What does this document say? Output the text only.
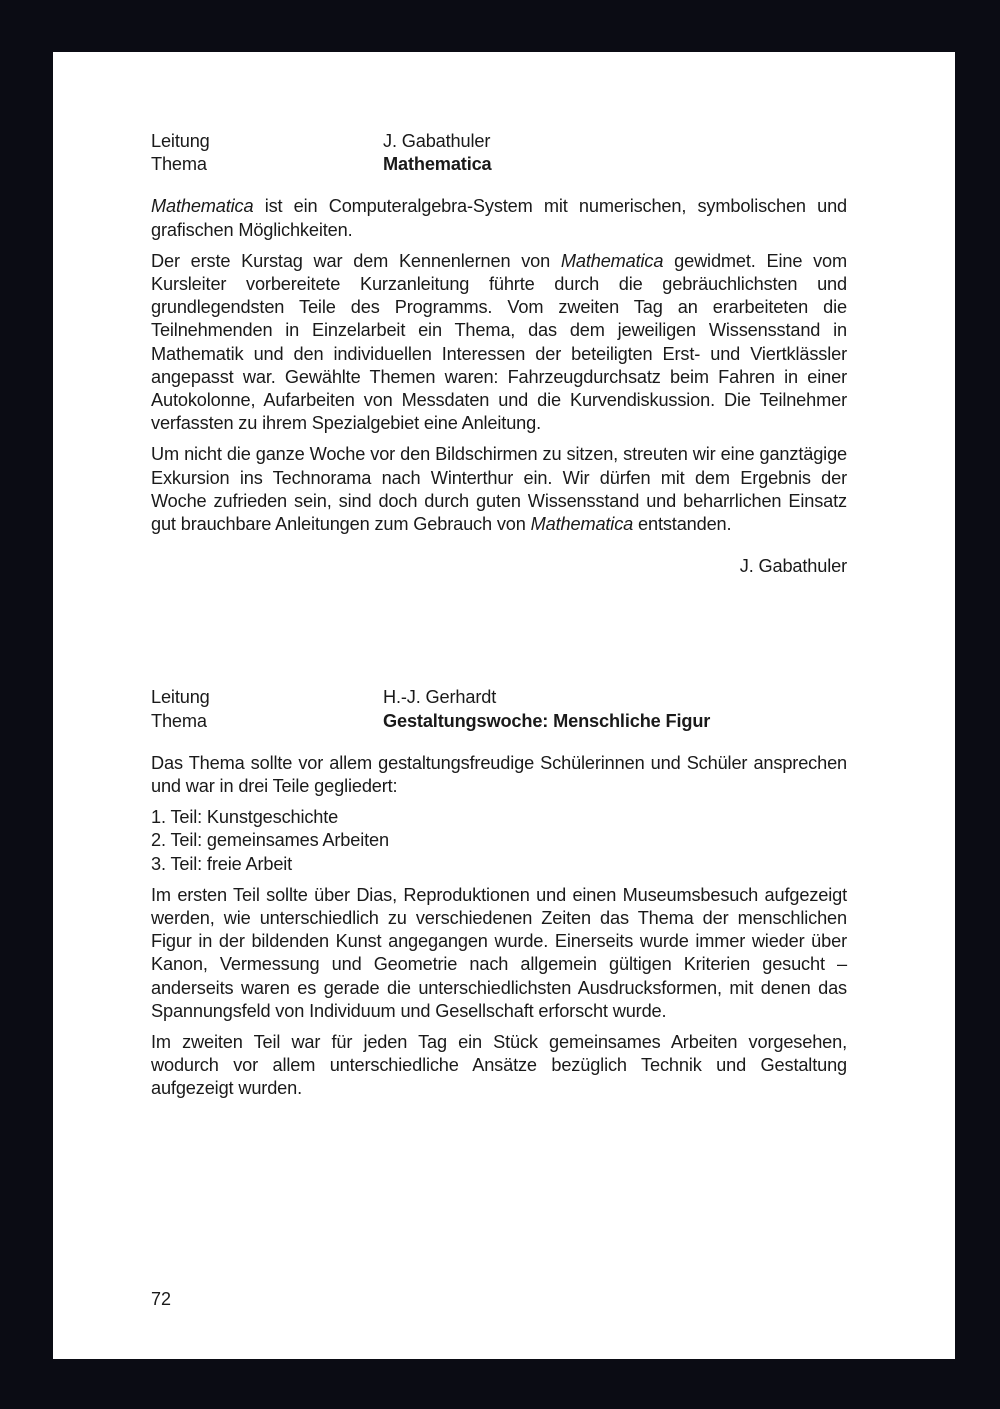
Leitung	J. Gabathuler
Thema	Mathematica

Mathematica ist ein Computeralgebra-System mit numerischen, symbolischen und grafischen Möglichkeiten.

Der erste Kurstag war dem Kennenlernen von Mathematica gewidmet. Eine vom Kursleiter vorbereitete Kurzanleitung führte durch die gebräuchlichsten und grundlegendsten Teile des Programms. Vom zweiten Tag an erarbeiteten die Teilnehmenden in Einzelarbeit ein Thema, das dem jeweiligen Wissensstand in Mathematik und den individuellen Interessen der beteiligten Erst- und Viertklässler angepasst war. Gewählte Themen waren: Fahrzeugdurchsatz beim Fahren in einer Autokolonne, Aufarbeiten von Messdaten und die Kurvendiskussion. Die Teilnehmer verfassten zu ihrem Spezialgebiet eine Anleitung.

Um nicht die ganze Woche vor den Bildschirmen zu sitzen, streuten wir eine ganztägige Exkursion ins Technorama nach Winterthur ein. Wir dürfen mit dem Ergebnis der Woche zufrieden sein, sind doch durch guten Wissensstand und beharrlichen Einsatz gut brauchbare Anleitungen zum Gebrauch von Mathematica entstanden.

J. Gabathuler
Leitung	H.-J. Gerhardt
Thema	Gestaltungswoche: Menschliche Figur

Das Thema sollte vor allem gestaltungsfreudige Schülerinnen und Schüler ansprechen und war in drei Teile gegliedert:

1. Teil: Kunstgeschichte

2. Teil: gemeinsames Arbeiten

3. Teil: freie Arbeit

Im ersten Teil sollte über Dias, Reproduktionen und einen Museumsbesuch aufgezeigt werden, wie unterschiedlich zu verschiedenen Zeiten das Thema der menschlichen Figur in der bildenden Kunst angegangen wurde. Einerseits wurde immer wieder über Kanon, Vermessung und Geometrie nach allgemein gültigen Kriterien gesucht – anderseits waren es gerade die unterschiedlichsten Ausdrucksformen, mit denen das Spannungsfeld von Individuum und Gesellschaft erforscht wurde.

Im zweiten Teil war für jeden Tag ein Stück gemeinsames Arbeiten vorgesehen, wodurch vor allem unterschiedliche Ansätze bezüglich Technik und Gestaltung aufgezeigt wurden.

72
